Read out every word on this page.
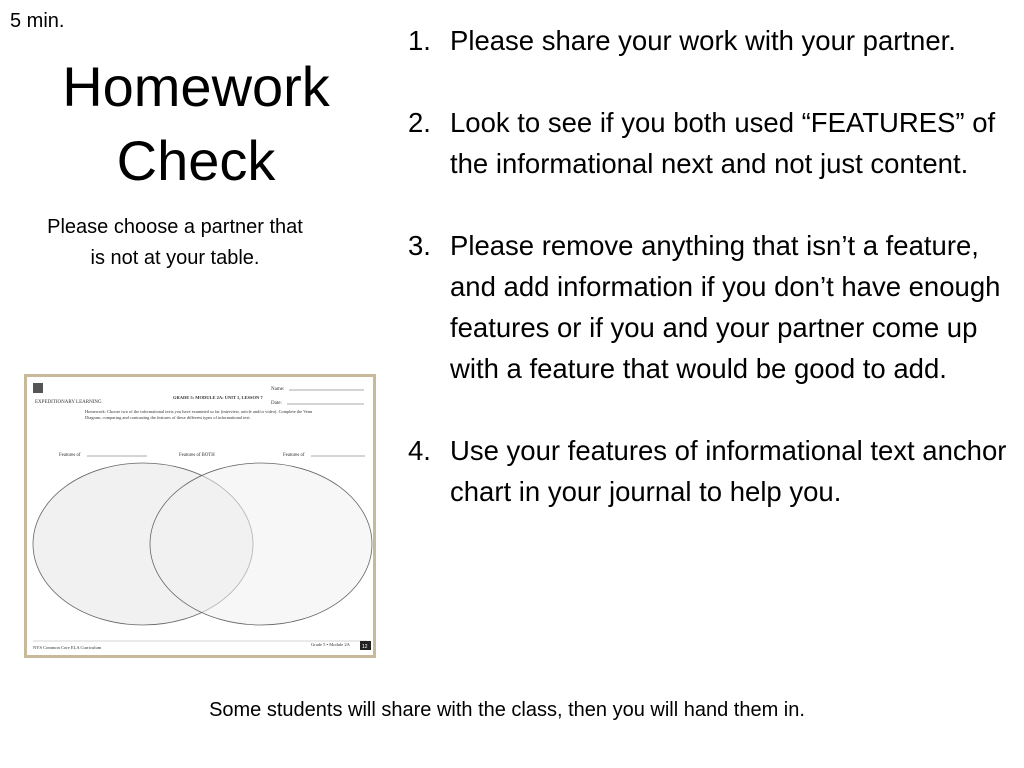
5 min.
Homework
Check
Please choose a partner that is not at your table.
1. Please share your work with your partner.
2. Look to see if you both used “FEATURES” of the informational next and not just content.
3. Please remove anything that isn’t a feature, and add information if you don’t have enough features or if you and your partner come up with a feature that would be good to add.
4. Use your features of informational text anchor chart in your journal to help you.
EXPEDITIONARY LEARNING
GRADE 5: MODULE 2A: UNIT 1, LESSON 7
Name:
Date:
Homework: Choose two of the informational texts you have examined so far (interview, article and/or video). Complete the Venn Diagram, comparing and contrasting the features of these different types of informational text.
Features of	Features of BOTH	Features of
NYS Common Core ELA Curriculum
Grade 5 • Module 2A 12
Some students will share with the class, then you will hand them in.
